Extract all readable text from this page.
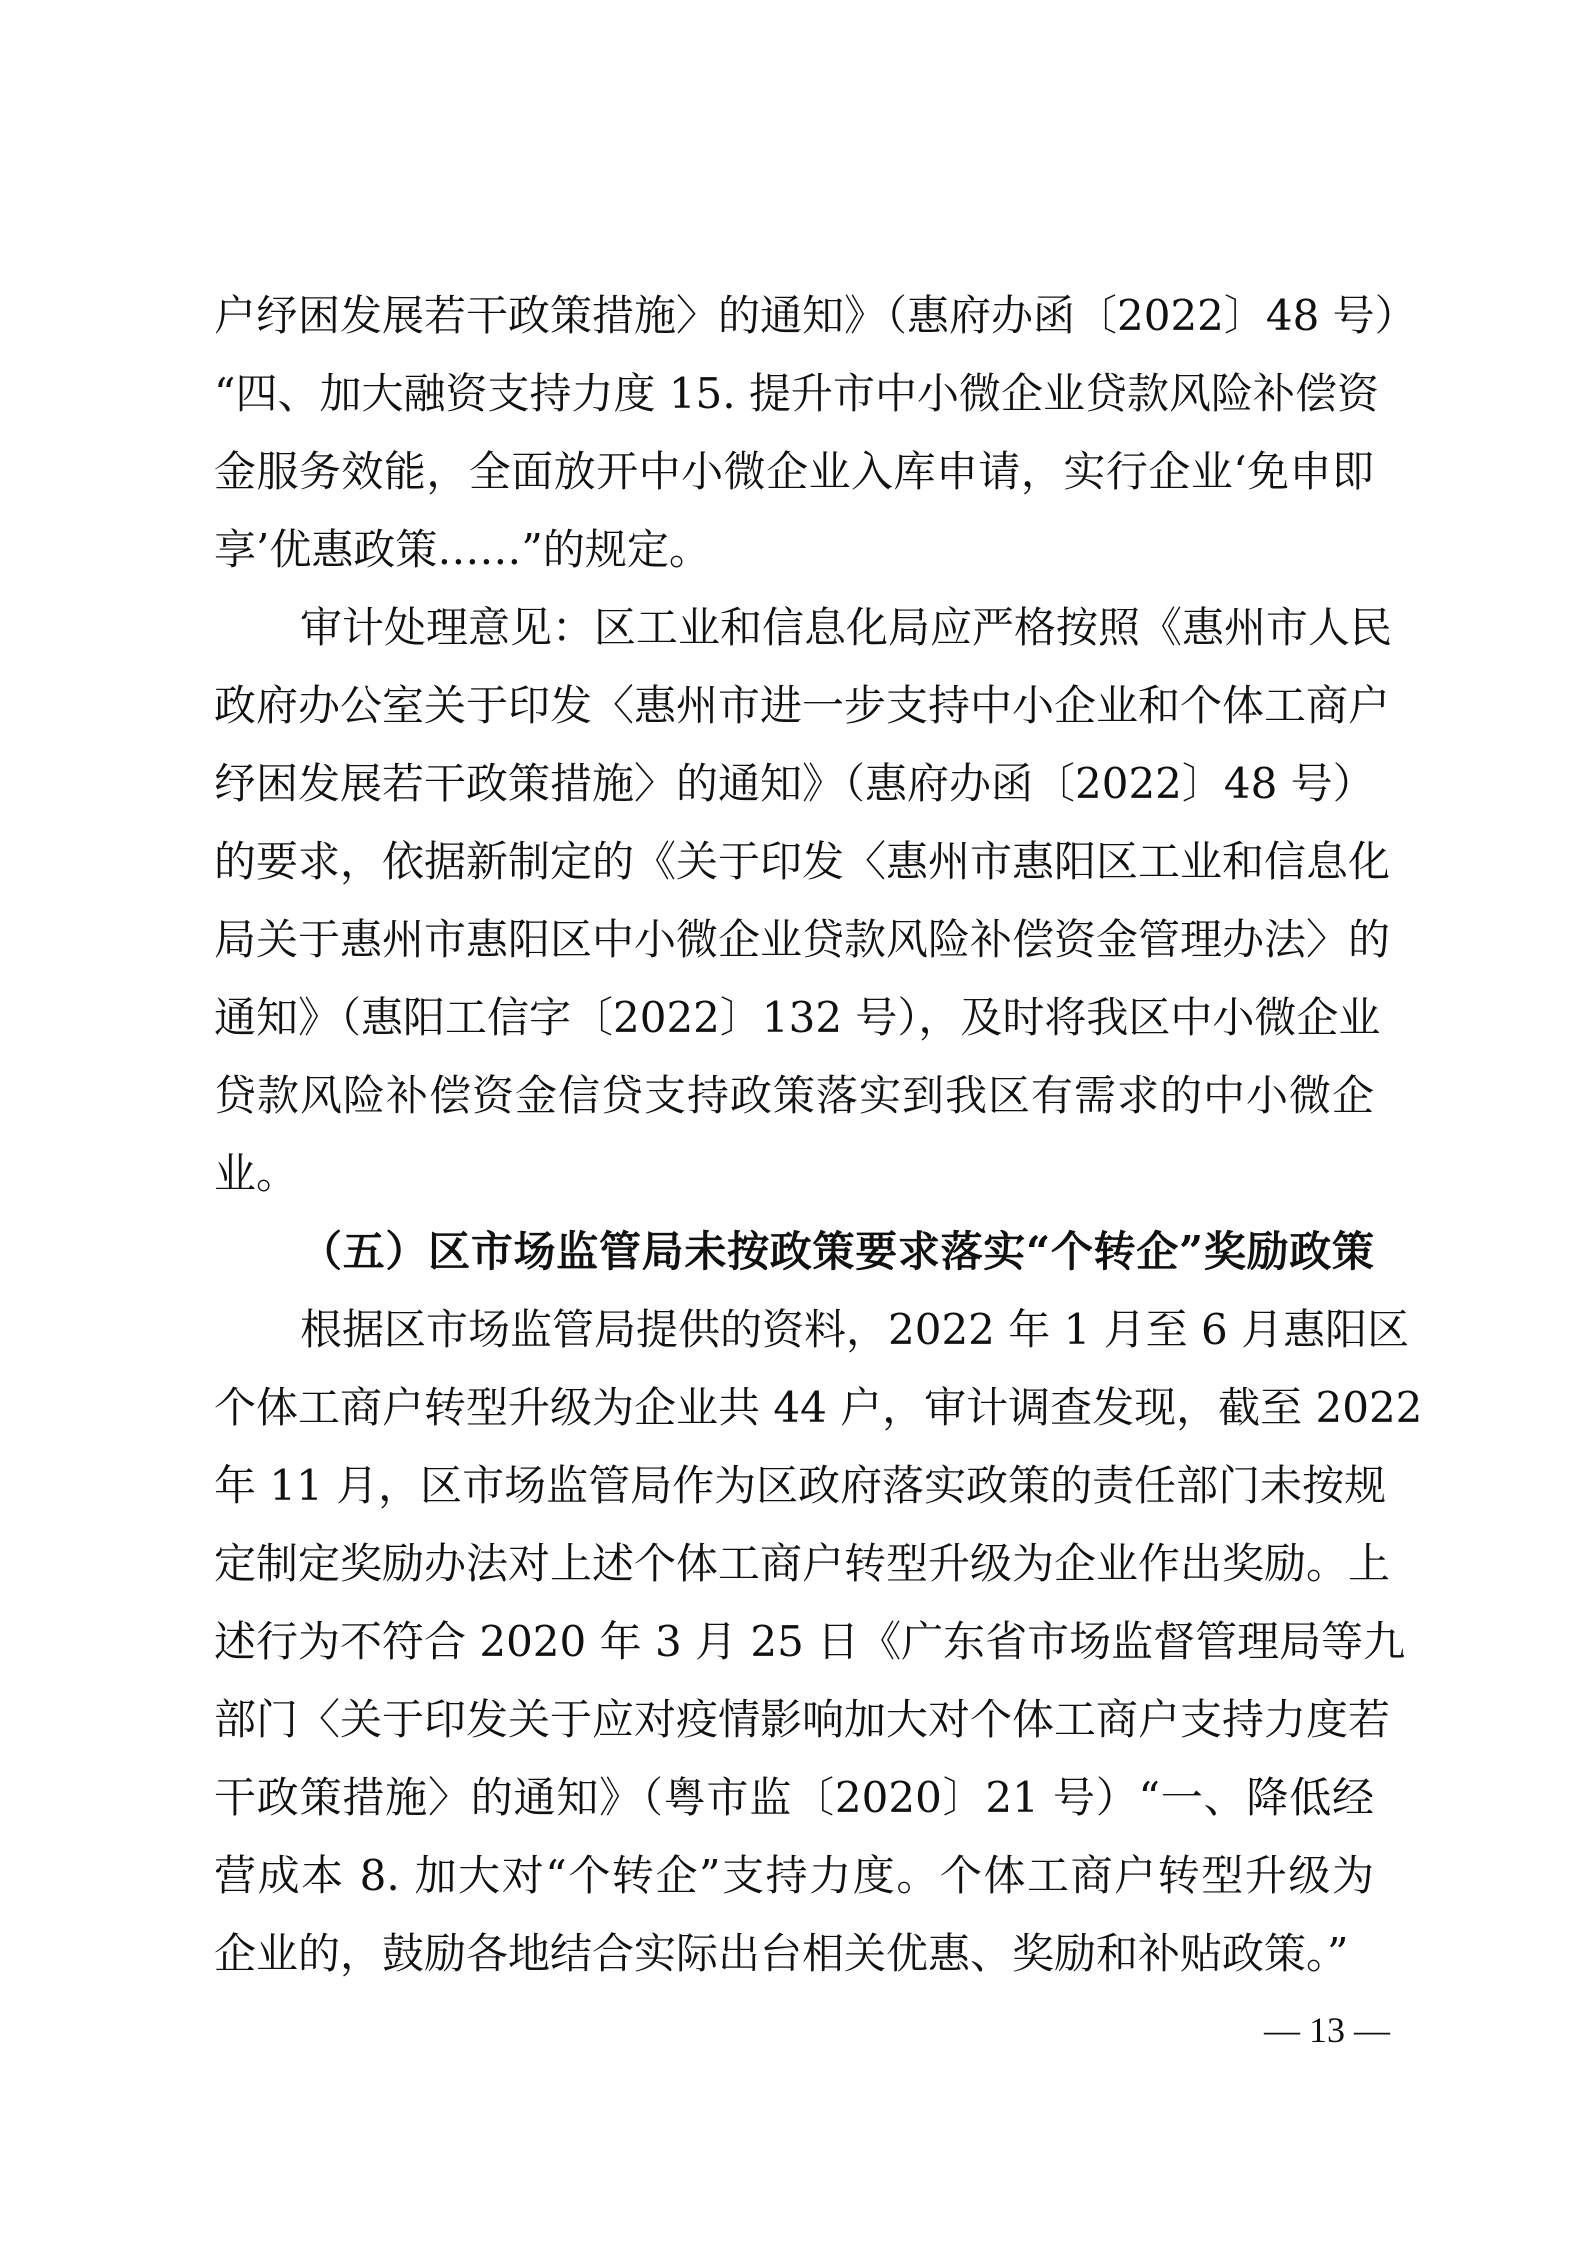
户纾困发展若干政策措施〉的通知》（惠府办函〔2022〕48 号）
“四、加大融资支持力度 15. 提升市中小微企业贷款风险补偿资
金服务效能，全面放开中小微企业入库申请，实行企业‘免申即
享’优惠政策……”的规定。
审计处理意见：区工业和信息化局应严格按照《惠州市人民
政府办公室关于印发〈惠州市进一步支持中小企业和个体工商户
纾困发展若干政策措施〉的通知》（惠府办函〔2022〕48 号）
的要求，依据新制定的《关于印发〈惠州市惠阳区工业和信息化
局关于惠州市惠阳区中小微企业贷款风险补偿资金管理办法〉的
通知》（惠阳工信字〔2022〕132 号），及时将我区中小微企业
贷款风险补偿资金信贷支持政策落实到我区有需求的中小微企
业。
（五）区市场监管局未按政策要求落实“个转企”奖励政策
根据区市场监管局提供的资料，2022 年 1 月至 6 月惠阳区
个体工商户转型升级为企业共 44 户，审计调查发现，截至 2022
年 11 月，区市场监管局作为区政府落实政策的责任部门未按规
定制定奖励办法对上述个体工商户转型升级为企业作出奖励。上
述行为不符合 2020 年 3 月 25 日《广东省市场监督管理局等九
部门〈关于印发关于应对疫情影响加大对个体工商户支持力度若
干政策措施〉的通知》（粤市监〔2020〕21 号）“一、降低经
营成本 8. 加大对“个转企”支持力度。个体工商户转型升级为
企业的，鼓励各地结合实际出台相关优惠、奖励和补贴政策。”
— 13 —
